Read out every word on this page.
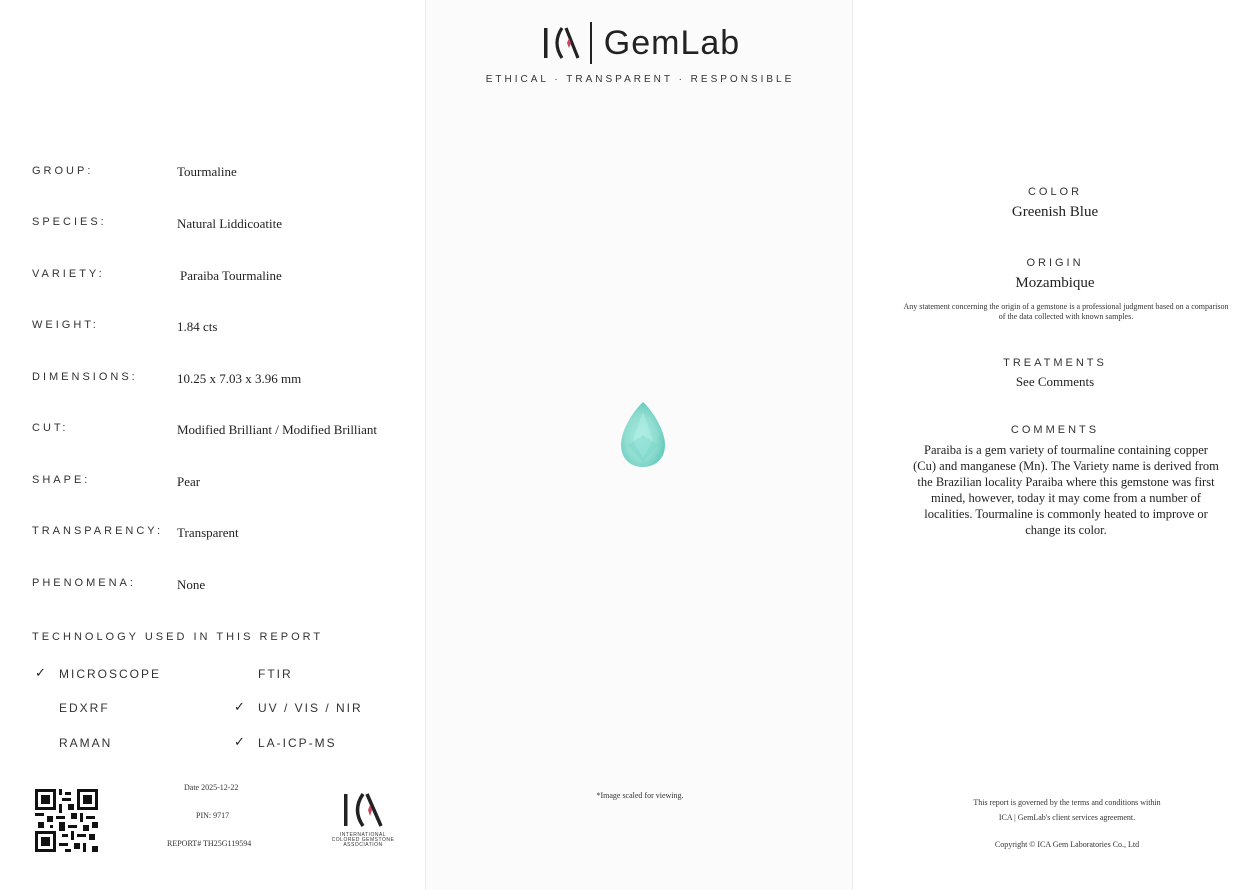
GROUP:	Tourmaline
SPECIES:	Natural Liddicoatite
VARIETY:	Paraiba Tourmaline
WEIGHT:	1.84 cts
DIMENSIONS:	10.25 x 7.03 x 3.96 mm
CUT:	Modified Brilliant / Modified Brilliant
SHAPE:	Pear
TRANSPARENCY: Transparent
PHENOMENA:	None
TECHNOLOGY USED IN THIS REPORT
✓ MICROSCOPE	FTIR
EDXRF	✓ UV / VIS / NIR
RAMAN	✓ LA-ICP-MS
Date 2025-12-22
PIN: 9717
REPORT# TH25G119594
INTERNATIONAL COLORED GEMSTONE ASSOCIATION
GemLab
ETHICAL · TRANSPARENT · RESPONSIBLE
*Image scaled for viewing.
COLOR
Greenish Blue
ORIGIN
Mozambique
Any statement concerning the origin of a gemstone is a professional judgment based on a comparison of the data collected with known samples.
TREATMENTS
See Comments
COMMENTS
Paraiba is a gem variety of tourmaline containing copper (Cu) and manganese (Mn). The Variety name is derived from the Brazilian locality Paraiba where this gemstone was first mined, however, today it may come from a number of localities. Tourmaline is commonly heated to improve or change its color.
This report is governed by the terms and conditions within
ICA | GemLab's client services agreement.
Copyright © ICA Gem Laboratories Co., Ltd
